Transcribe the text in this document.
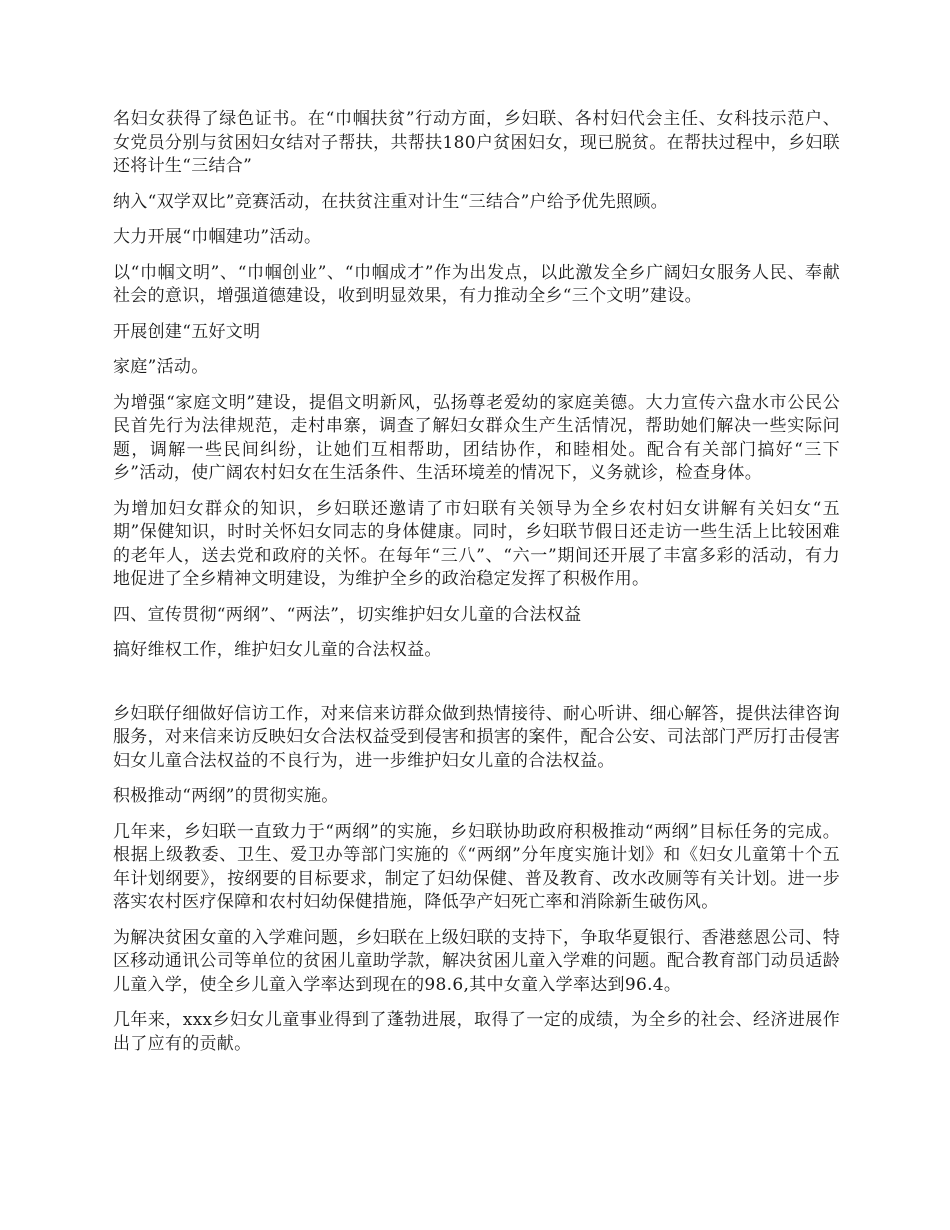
名妇女获得了绿色证书。在“巾帼扶贫”行动方面，乡妇联、各村妇代会主任、女科技示范户、女党员分别与贫困妇女结对子帮扶，共帮扶180户贫困妇女，现已脱贫。在帮扶过程中，乡妇联还将计生“三结合”

纳入“双学双比”竞赛活动，在扶贫注重对计生“三结合”户给予优先照顾。

大力开展“巾帼建功”活动。

以“巾帼文明”、“巾帼创业”、“巾帼成才”作为出发点，以此激发全乡广阔妇女服务人民、奉献社会的意识，增强道德建设，收到明显效果，有力推动全乡“三个文明”建设。

开展创建“五好文明

家庭”活动。

为增强“家庭文明”建设，提倡文明新风，弘扬尊老爱幼的家庭美德。大力宣传六盘水市公民公民首先行为法律规范，走村串寨，调查了解妇女群众生产生活情况，帮助她们解决一些实际问题，调解一些民间纠纷，让她们互相帮助，团结协作，和睦相处。配合有关部门搞好“三下乡”活动，使广阔农村妇女在生活条件、生活环境差的情况下，义务就诊，检查身体。

为增加妇女群众的知识，乡妇联还邀请了市妇联有关领导为全乡农村妇女讲解有关妇女“五期”保健知识，时时关怀妇女同志的身体健康。同时，乡妇联节假日还走访一些生活上比较困难的老年人，送去党和政府的关怀。在每年“三八”、“六一”期间还开展了丰富多彩的活动，有力地促进了全乡精神文明建设，为维护全乡的政治稳定发挥了积极作用。

四、宣传贯彻“两纲”、“两法”，切实维护妇女儿童的合法权益

搞好维权工作，维护妇女儿童的合法权益。

乡妇联仔细做好信访工作，对来信来访群众做到热情接待、耐心听讲、细心解答，提供法律咨询服务，对来信来访反映妇女合法权益受到侵害和损害的案件，配合公安、司法部门严厉打击侵害妇女儿童合法权益的不良行为，进一步维护妇女儿童的合法权益。

积极推动“两纲”的贯彻实施。

几年来，乡妇联一直致力于“两纲”的实施，乡妇联协助政府积极推动“两纲”目标任务的完成。根据上级教委、卫生、爱卫办等部门实施的《“两纲”分年度实施计划》和《妇女儿童第十个五年计划纲要》，按纲要的目标要求，制定了妇幼保健、普及教育、改水改厕等有关计划。进一步落实农村医疗保障和农村妇幼保健措施，降低孕产妇死亡率和消除新生破伤风。

为解决贫困女童的入学难问题，乡妇联在上级妇联的支持下，争取华夏银行、香港慈恩公司、特区移动通讯公司等单位的贫困儿童助学款，解决贫困儿童入学难的问题。配合教育部门动员适龄儿童入学，使全乡儿童入学率达到现在的98.6,其中女童入学率达到96.4。

几年来，xxx乡妇女儿童事业得到了蓬勃进展，取得了一定的成绩，为全乡的社会、经济进展作出了应有的贡献。
